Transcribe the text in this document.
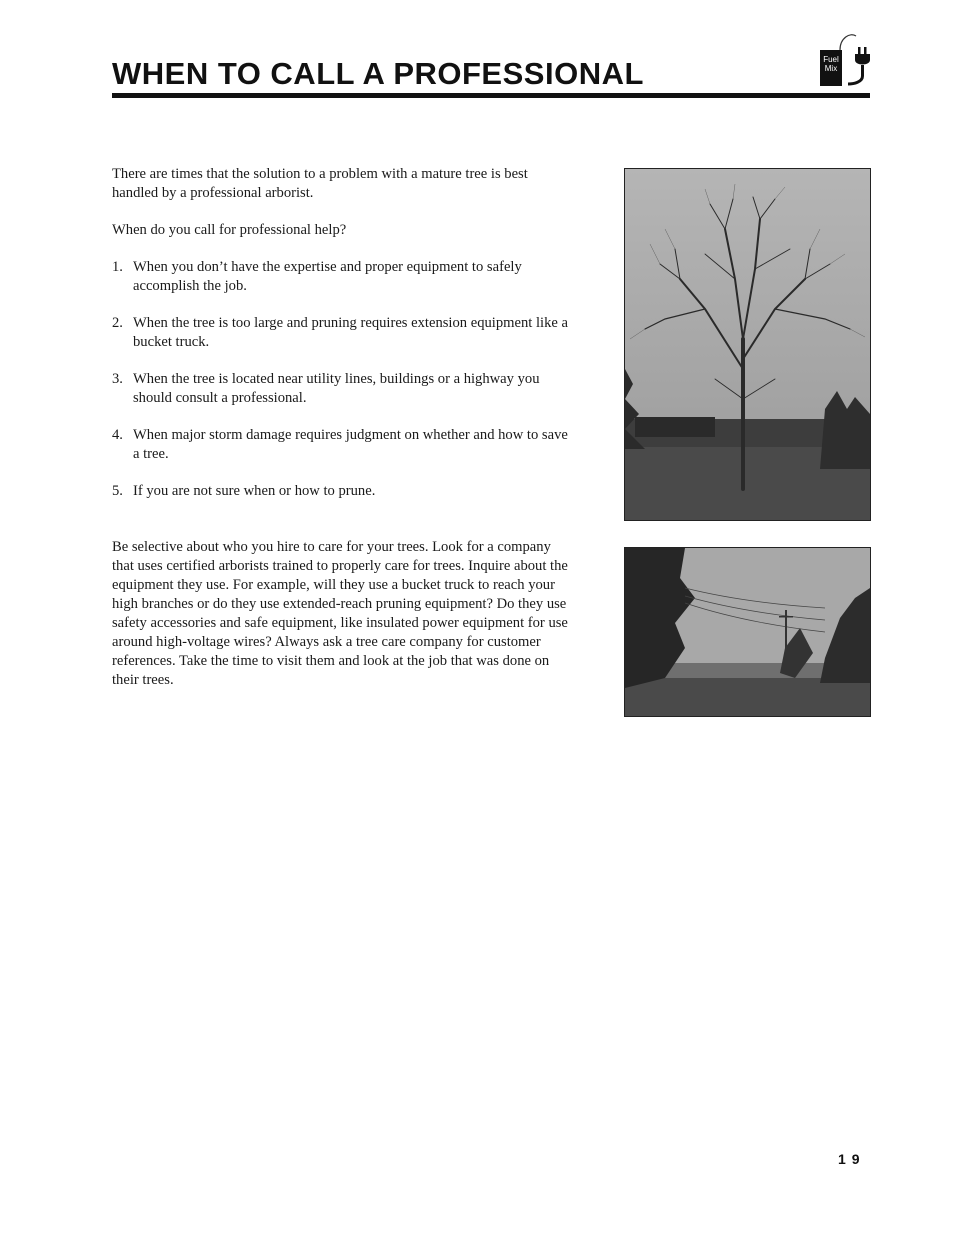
WHEN TO CALL A PROFESSIONAL	Fuel
Mix

There are times that the solution to a problem with a mature tree is best handled by a professional arborist.

When do you call for professional help?

1. When you don’t have the expertise and proper equipment to safely accomplish the job.
2. When the tree is too large and pruning requires extension equipment like a bucket truck.
3. When the tree is located near utility lines, buildings or a highway you should consult a professional.
4. When major storm damage requires judgment on whether and how to save a tree.
5. If you are not sure when or how to prune.

Be selective about who you hire to care for your trees. Look for a company that uses certified arborists trained to properly care for trees. Inquire about the equipment they use. For example, will they use a bucket truck to reach your high branches or do they use extended-reach pruning equipment? Do they use safety accessories and safe equipment, like insulated power equipment for use around high-voltage wires? Always ask a tree care company for customer references. Take the time to visit them and look at the job that was done on their trees.

19
